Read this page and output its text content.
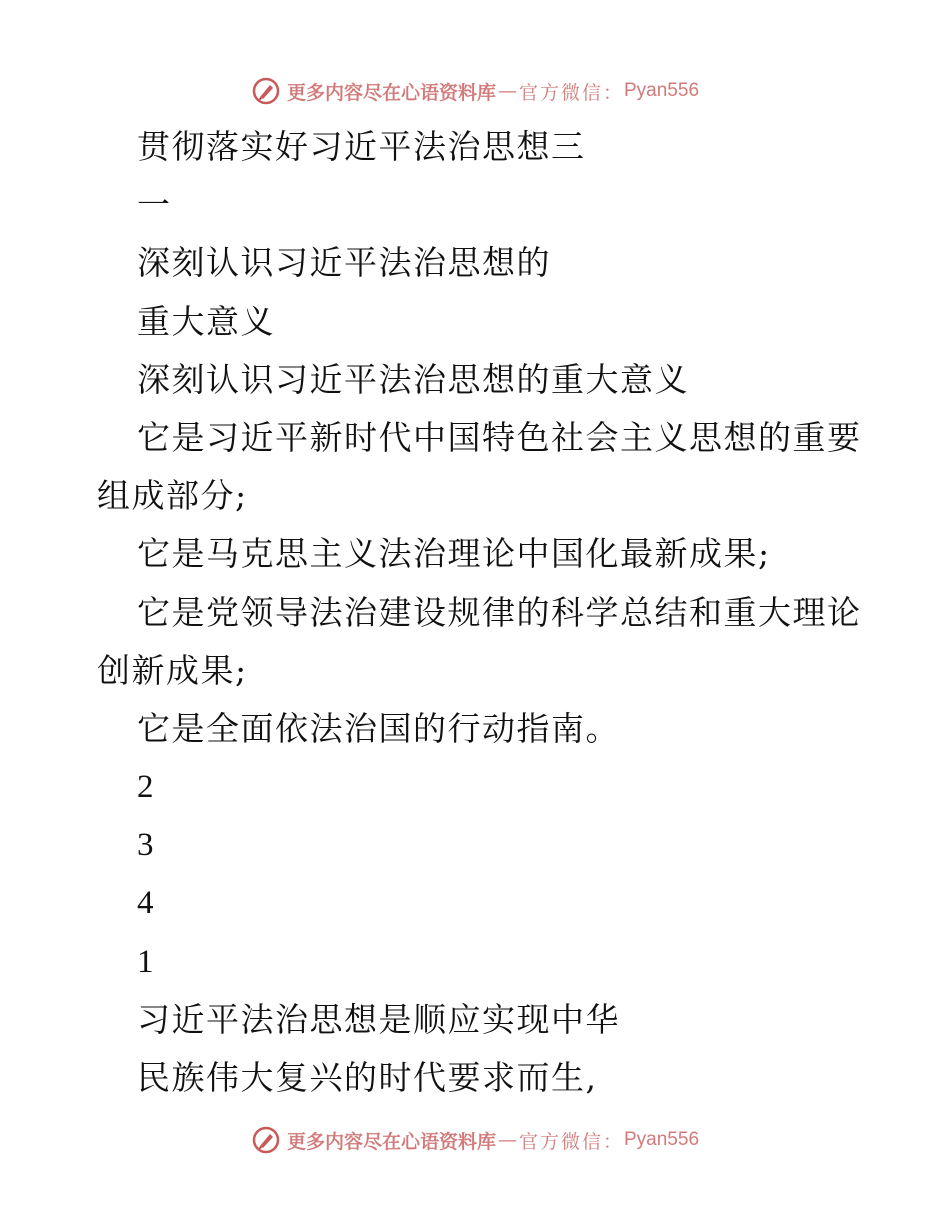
更多内容尽在心语资料库 — 官方微信： Pyan556
贯彻落实好习近平法治思想三
一
深刻认识习近平法治思想的
重大意义
深刻认识习近平法治思想的重大意义
它是习近平新时代中国特色社会主义思想的重要
组成部分;
它是马克思主义法治理论中国化最新成果;
它是党领导法治建设规律的科学总结和重大理论
创新成果;
它是全面依法治国的行动指南。
2
3
4
1
习近平法治思想是顺应实现中华
民族伟大复兴的时代要求而生,
更多内容尽在心语资料库 — 官方微信： Pyan556
